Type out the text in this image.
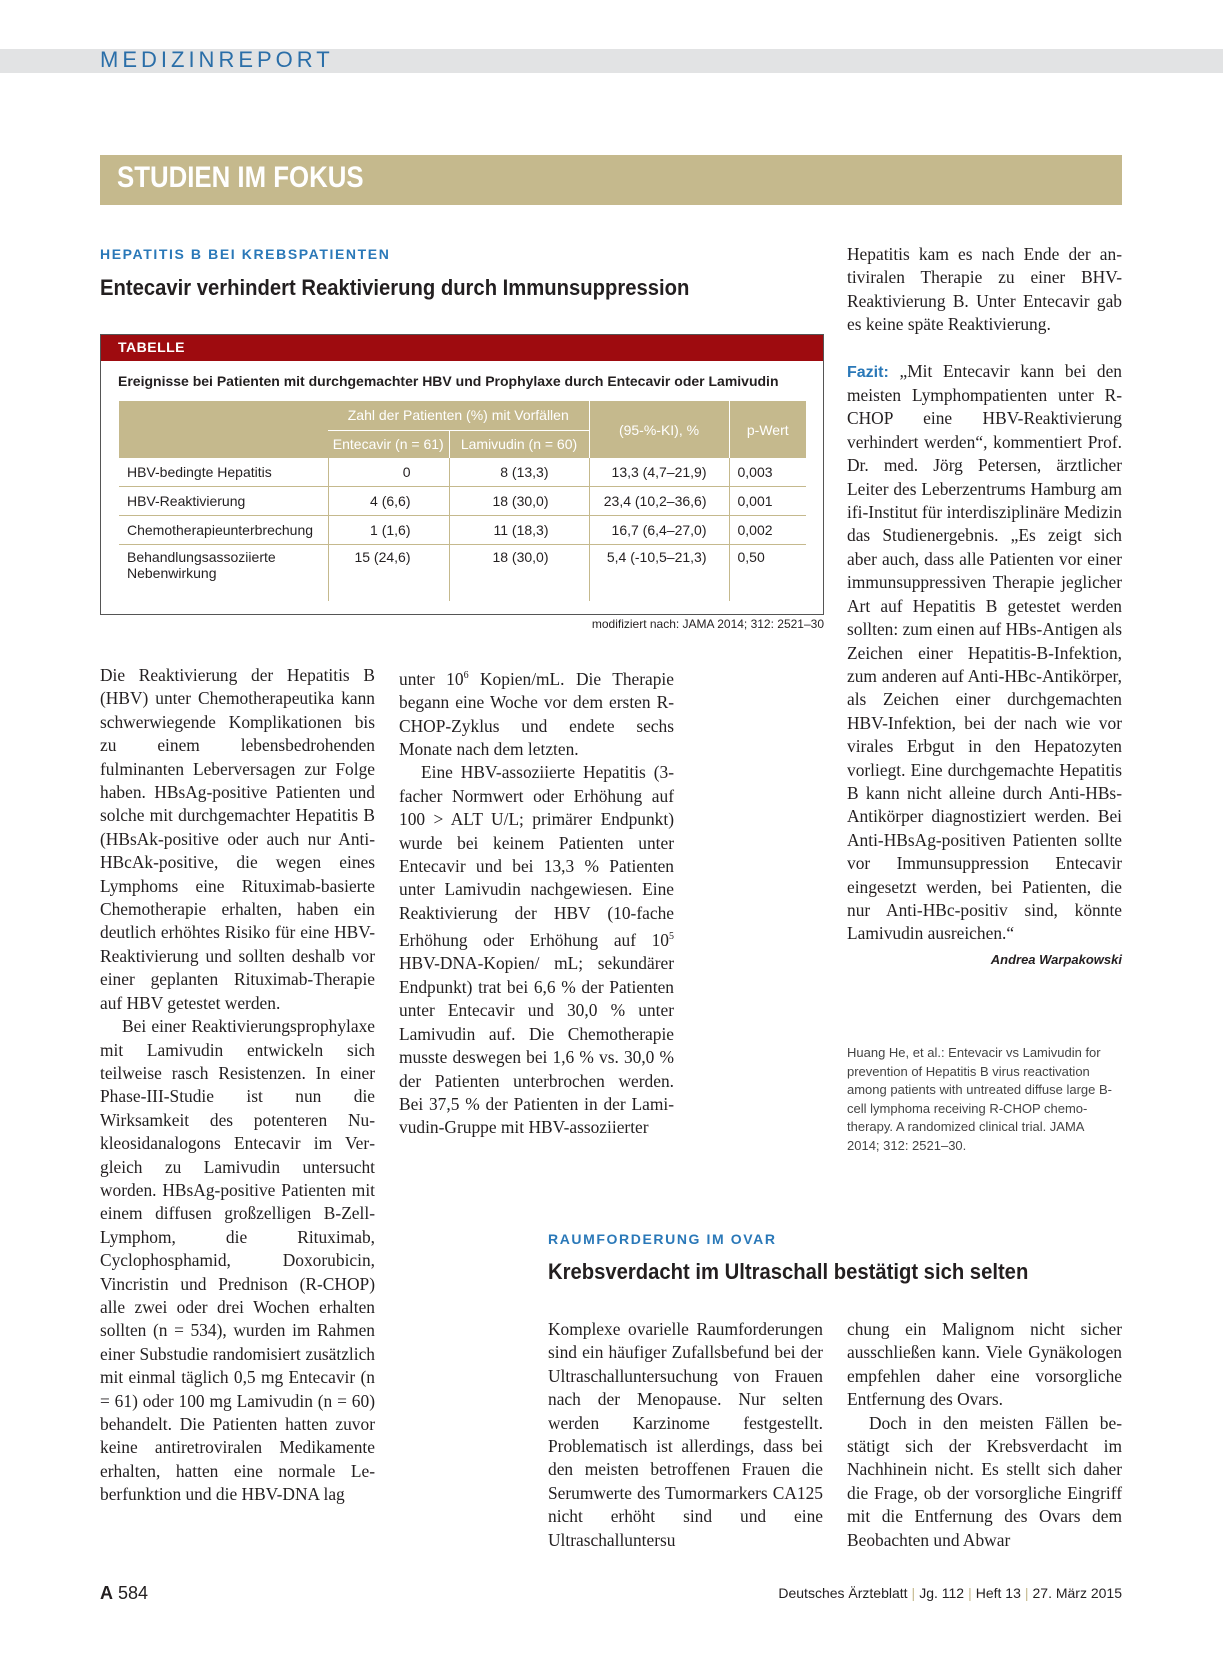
MEDIZINREPORT
STUDIEN IM FOKUS
HEPATITIS B BEI KREBSPATIENTEN
Entecavir verhindert Reaktivierung durch Immunsuppression
TABELLE
Ereignisse bei Patienten mit durchgemachter HBV und Prophylaxe durch Entecavir oder Lamivudin
	Zahl der Patienten (%) mit Vorfällen		(95-%-KI), %	p-Wert
	Entecavir (n = 61)	Lamivudin (n = 60)		
HBV-bedingte Hepatitis	0	8 (13,3)	13,3 (4,7–21,9)	0,003
HBV-Reaktivierung	4 (6,6)	18 (30,0)	23,4 (10,2–36,6)	0,001
Chemotherapieunterbrechung	1 (1,6)	11 (18,3)	16,7 (6,4–27,0)	0,002
Behandlungsassoziierte
Nebenwirkung	15 (24,6)	18 (30,0)	5,4 (-10,5–21,3)	0,50
modifiziert nach: JAMA 2014; 312: 2521–30

Die Reaktivierung der Hepatitis B (HBV) unter Chemotherapeutika kann schwerwiegende Komplikationen bis zu einem lebensbedrohenden fulminanten Leberversagen zur Folge haben. HBsAg-positive Patienten und solche mit durchgemachter Hepatitis B (HBsAk-positive oder auch nur Anti-HBcAk-positive, die wegen eines Lymphoms eine Rituximab-basierte Chemotherapie erhalten, haben ein deutlich erhöhtes Risiko für eine HBV-Reaktivierung und sollten deshalb vor einer geplanten Rituximab-Therapie auf HBV getestet werden.

Bei einer Reaktivierungsprophylaxe mit Lamivudin entwickeln sich teilweise rasch Resistenzen. In einer Phase-III-Studie ist nun die Wirksamkeit des potenteren Nukleosidanalogons Entecavir im Vergleich zu Lamivudin untersucht worden. HBsAg-positive Patienten mit einem diffusen großzelligen B-Zell-Lymphom, die Rituximab, Cyclophosphamid, Doxorubicin, Vincristin und Prednison (R-CHOP) alle zwei oder drei Wochen erhalten sollten (n = 534), wurden im Rahmen einer Substudie randomisiert zusätzlich mit einmal täglich 0,5 mg Entecavir (n = 61) oder 100 mg Lamivudin (n = 60) behandelt. Die Patienten hatten zuvor keine antiretroviralen Medikamente erhalten, hatten eine normale Leberfunktion und die HBV-DNA lag

unter $10^6$ Kopien/mL. Die Therapie begann eine Woche vor dem ersten R-CHOP-Zyklus und endete sechs Monate nach dem letzten.

Eine HBV-assoziierte Hepatitis (3-facher Normwert oder Erhöhung auf 100 > ALT U/L; primärer Endpunkt) wurde bei keinem Patienten unter Entecavir und bei 13,3 % Patienten unter Lamivudin nachgewiesen. Eine Reaktivierung der HBV (10-fache Erhöhung oder Erhöhung auf $10^5$ HBV-DNA-Kopien/ mL; sekundärer Endpunkt) trat bei 6,6 % der Patienten unter Entecavir und 30,0 % unter Lamivudin auf. Die Chemotherapie musste deswegen bei 1,6 % vs. 30,0 % der Patienten unterbrochen werden. Bei 37,5 % der Patienten in der Lamivudin-Gruppe mit HBV-assoziierter

Hepatitis kam es nach Ende der antiviralen Therapie zu einer BHV-Reaktivierung B. Unter Entecavir gab es keine späte Reaktivierung.

Fazit: „Mit Entecavir kann bei den meisten Lymphompatienten unter R-CHOP eine HBV-Reaktivierung verhindert werden“, kommentiert Prof. Dr. med. Jörg Petersen, ärztlicher Leiter des Leberzentrums Hamburg am ifi-Institut für interdisziplinäre Medizin das Studienergebnis. „Es zeigt sich aber auch, dass alle Patienten vor einer immunsuppressiven Therapie jeglicher Art auf Hepatitis B getestet werden sollten: zum einen auf HBs-Antigen als Zeichen einer Hepatitis-B-Infektion, zum anderen auf Anti-HBc-Antikörper, als Zeichen einer durchgemachten HBV-Infektion, bei der nach wie vor virales Erbgut in den Hepatozyten vorliegt. Eine durchgemachte Hepatitis B kann nicht alleine durch Anti-HBs-Antikörper diagnostiziert werden. Bei Anti-HBsAg-positiven Patienten sollte vor Immunsuppression Entecavir eingesetzt werden, bei Patienten, die nur Anti-HBc-positiv sind, könnte Lamivudin ausreichen.“
Andrea Warpakowski

Huang He, et al.: Entevacir vs Lamivudin for prevention of Hepatitis B virus reactivation among patients with untreated diffuse large B-cell lymphoma receiving R-CHOP chemotherapy. A randomized clinical trial. JAMA 2014; 312: 2521–30.
RAUMFORDERUNG IM OVAR
Krebsverdacht im Ultraschall bestätigt sich selten

Komplexe ovarielle Raumforderungen sind ein häufiger Zufallsbefund bei der Ultraschalluntersuchung von Frauen nach der Menopause. Nur selten werden Karzinome festgestellt. Problematisch ist allerdings, dass bei den meisten betroffenen Frauen die Serumwerte des Tumormarkers CA125 nicht erhöht sind und eine Ultraschalluntersu

chung ein Malignom nicht sicher ausschließen kann. Viele Gynäkologen empfehlen daher eine vorsorgliche Entfernung des Ovars.

Doch in den meisten Fällen bestätigt sich der Krebsverdacht im Nachhinein nicht. Es stellt sich daher die Frage, ob der vorsorgliche Eingriff mit die Entfernung des Ovars dem Beobachten und Abwar

A 584	Deutsches Ärzteblatt | Jg. 112 | Heft 13 | 27. März 2015
